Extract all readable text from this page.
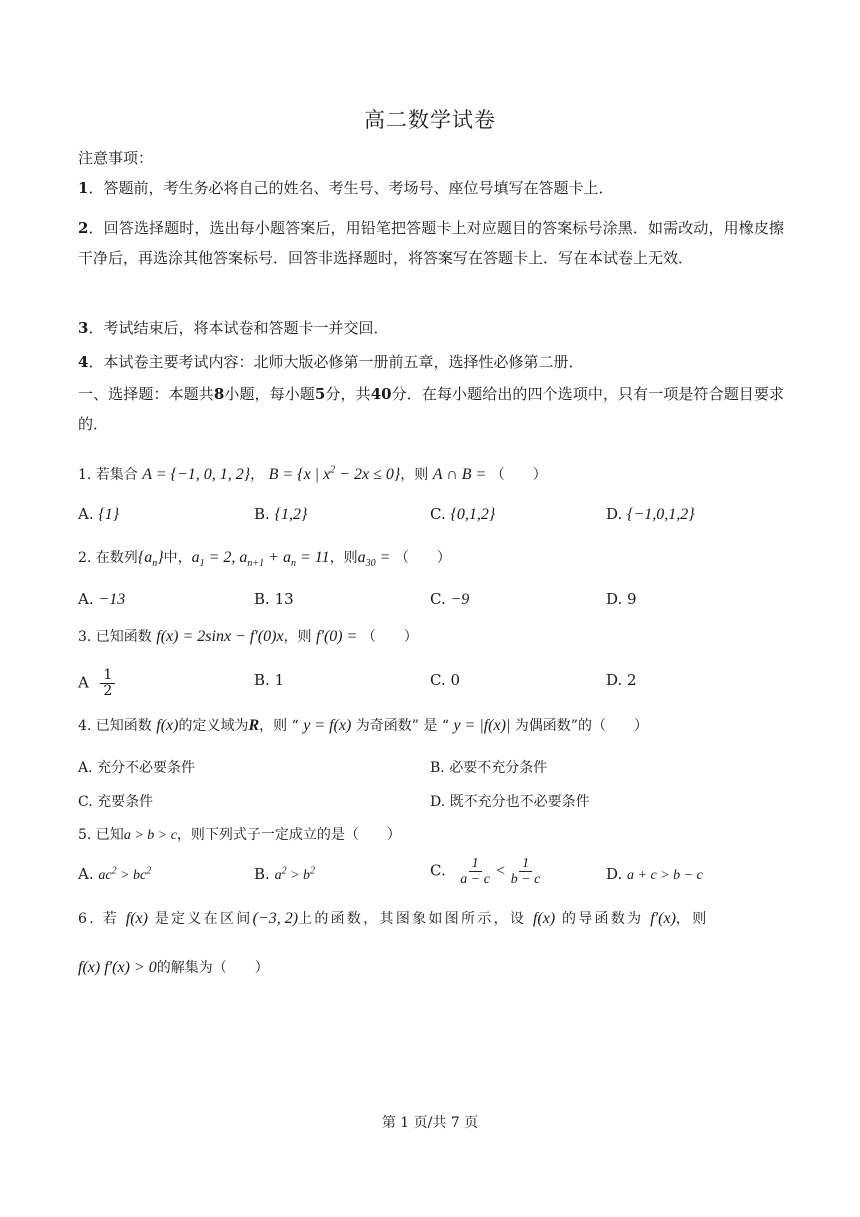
高二数学试卷
注意事项：
1．答题前，考生务必将自己的姓名、考生号、考场号、座位号填写在答题卡上．
2．回答选择题时，选出每小题答案后，用铅笔把答题卡上对应题目的答案标号涂黑．如需改动，用橡皮擦干净后，再选涂其他答案标号．回答非选择题时，将答案写在答题卡上．写在本试卷上无效．
3．考试结束后，将本试卷和答题卡一并交回．
4．本试卷主要考试内容：北师大版必修第一册前五章，选择性必修第二册．
一、选择题：本题共8小题，每小题5分，共40分．在每小题给出的四个选项中，只有一项是符合题目要求的．
1. 若集合 A = {−1, 0, 1, 2}， B = {x | $x^2 - 2x \le 0$}，则 A ∩ B = （　　）
A. {1}	B. {1,2}	C. {0,1,2}	D. {−1,0,1,2}
2. 在数列$\{a_n\}$中，$a_1 = 2$, $a_{n+1} + a_n = 11$，则$a_{30}$ = （　　）
A. −13	B. 13	C. −9	D. 9
3. 已知函数 f(x) = 2sinx − f′(0)x，则 f′(0) = （　　）
A $\frac{1}{2}$	B. 1	C. 0	D. 2
4. 已知函数 f(x)的定义域为R，则 “ y = f(x) 为奇函数” 是 “ y = |f(x)| 为偶函数”的（　　）
A. 充分不必要条件	B. 必要不充分条件
C. 充要条件	D. 既不充分也不必要条件
5. 已知a > b > c，则下列式子一定成立的是（　　）
A. $ac^2 > bc^2$	B. $a^2 > b^2$	C. $\frac{1}{a - c} < \frac{1}{b - c}$	D. a + c > b − c
6. 若 f(x) 是定义在区间(−3, 2)上的函数，其图象如图所示，设 f(x) 的导函数为 f′(x)，则
f(x) f′(x) > 0的解集为（　　）
第 1 页/共 7 页
